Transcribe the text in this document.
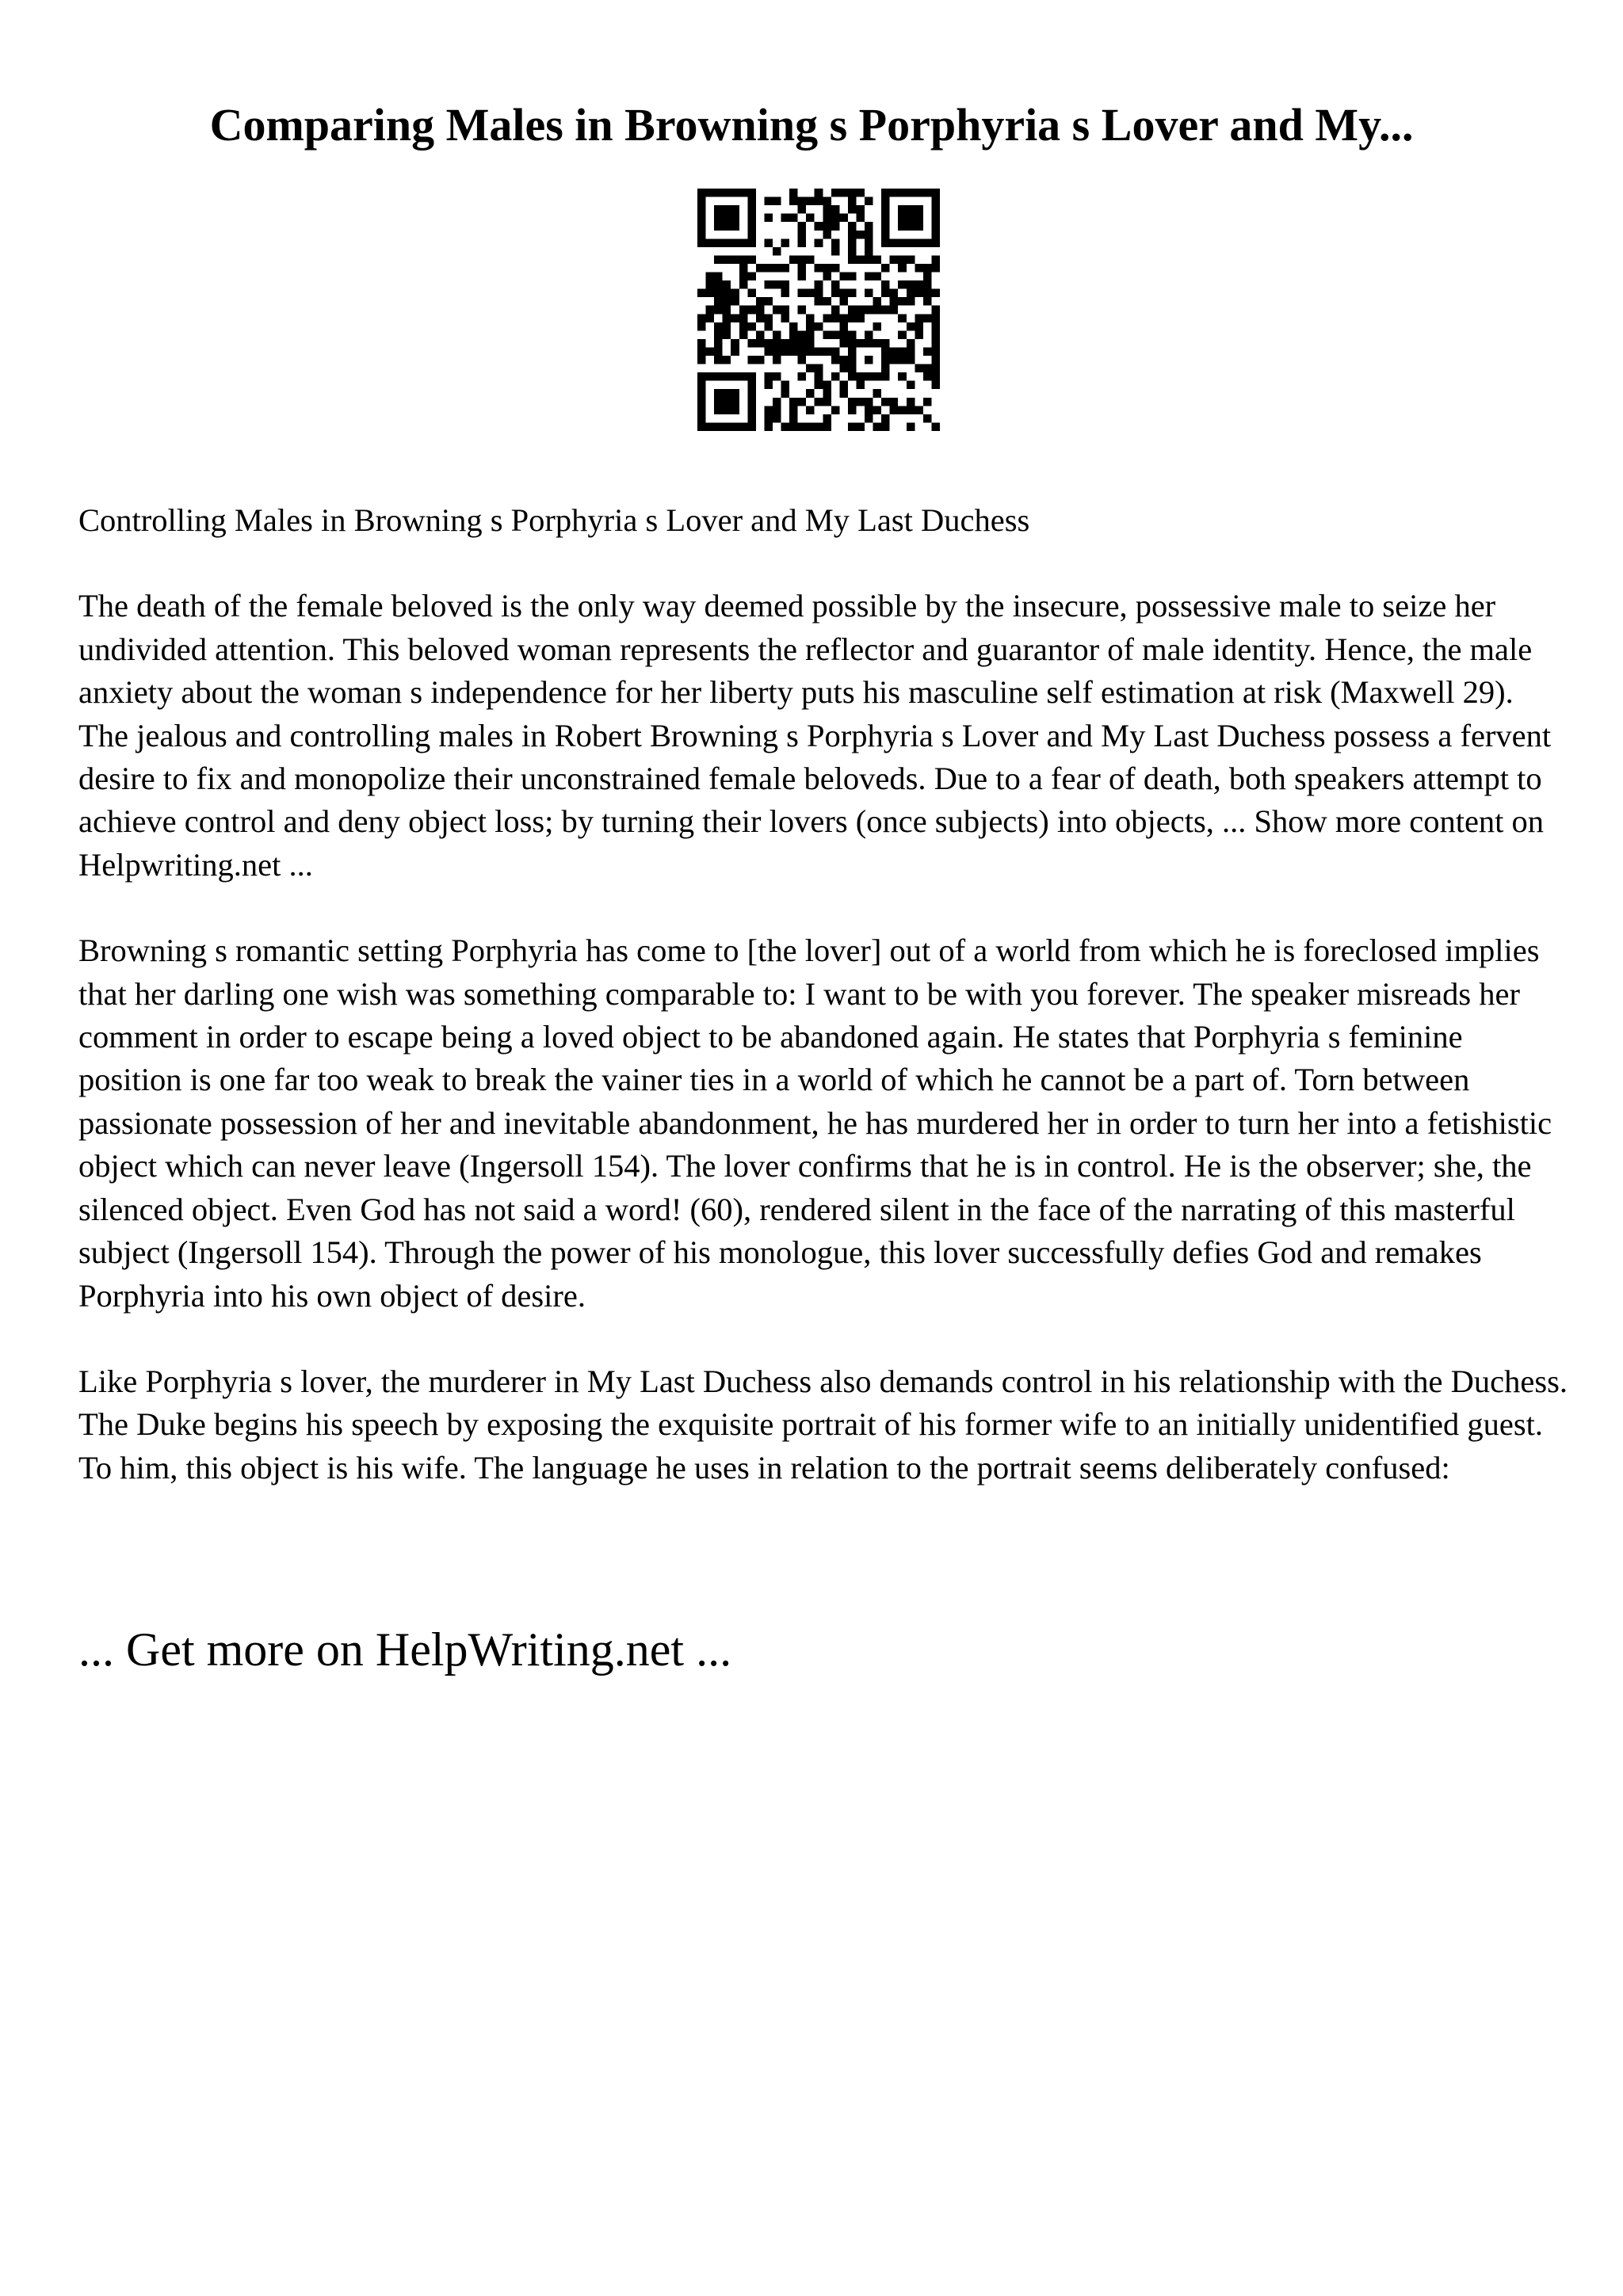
Comparing Males in Browning s Porphyria s Lover and My...

Controlling Males in Browning s Porphyria s Lover and My Last Duchess

The death of the female beloved is the only way deemed possible by the insecure, possessive male to seize her undivided attention. This beloved woman represents the reflector and guarantor of male identity. Hence, the male anxiety about the woman s independence for her liberty puts his masculine self estimation at risk (Maxwell 29). The jealous and controlling males in Robert Browning s Porphyria s Lover and My Last Duchess possess a fervent desire to fix and monopolize their unconstrained female beloveds. Due to a fear of death, both speakers attempt to achieve control and deny object loss; by turning their lovers (once subjects) into objects, ... Show more content on Helpwriting.net ...

Browning s romantic setting Porphyria has come to [the lover] out of a world from which he is foreclosed implies that her darling one wish was something comparable to: I want to be with you forever. The speaker misreads her comment in order to escape being a loved object to be abandoned again. He states that Porphyria s feminine position is one far too weak to break the vainer ties in a world of which he cannot be a part of. Torn between passionate possession of her and inevitable abandonment, he has murdered her in order to turn her into a fetishistic object which can never leave (Ingersoll 154). The lover confirms that he is in control. He is the observer; she, the silenced object. Even God has not said a word! (60), rendered silent in the face of the narrating of this masterful subject (Ingersoll 154). Through the power of his monologue, this lover successfully defies God and remakes Porphyria into his own object of desire.

Like Porphyria s lover, the murderer in My Last Duchess also demands control in his relationship with the Duchess. The Duke begins his speech by exposing the exquisite portrait of his former wife to an initially unidentified guest. To him, this object is his wife. The language he uses in relation to the portrait seems deliberately confused:

... Get more on HelpWriting.net ...
